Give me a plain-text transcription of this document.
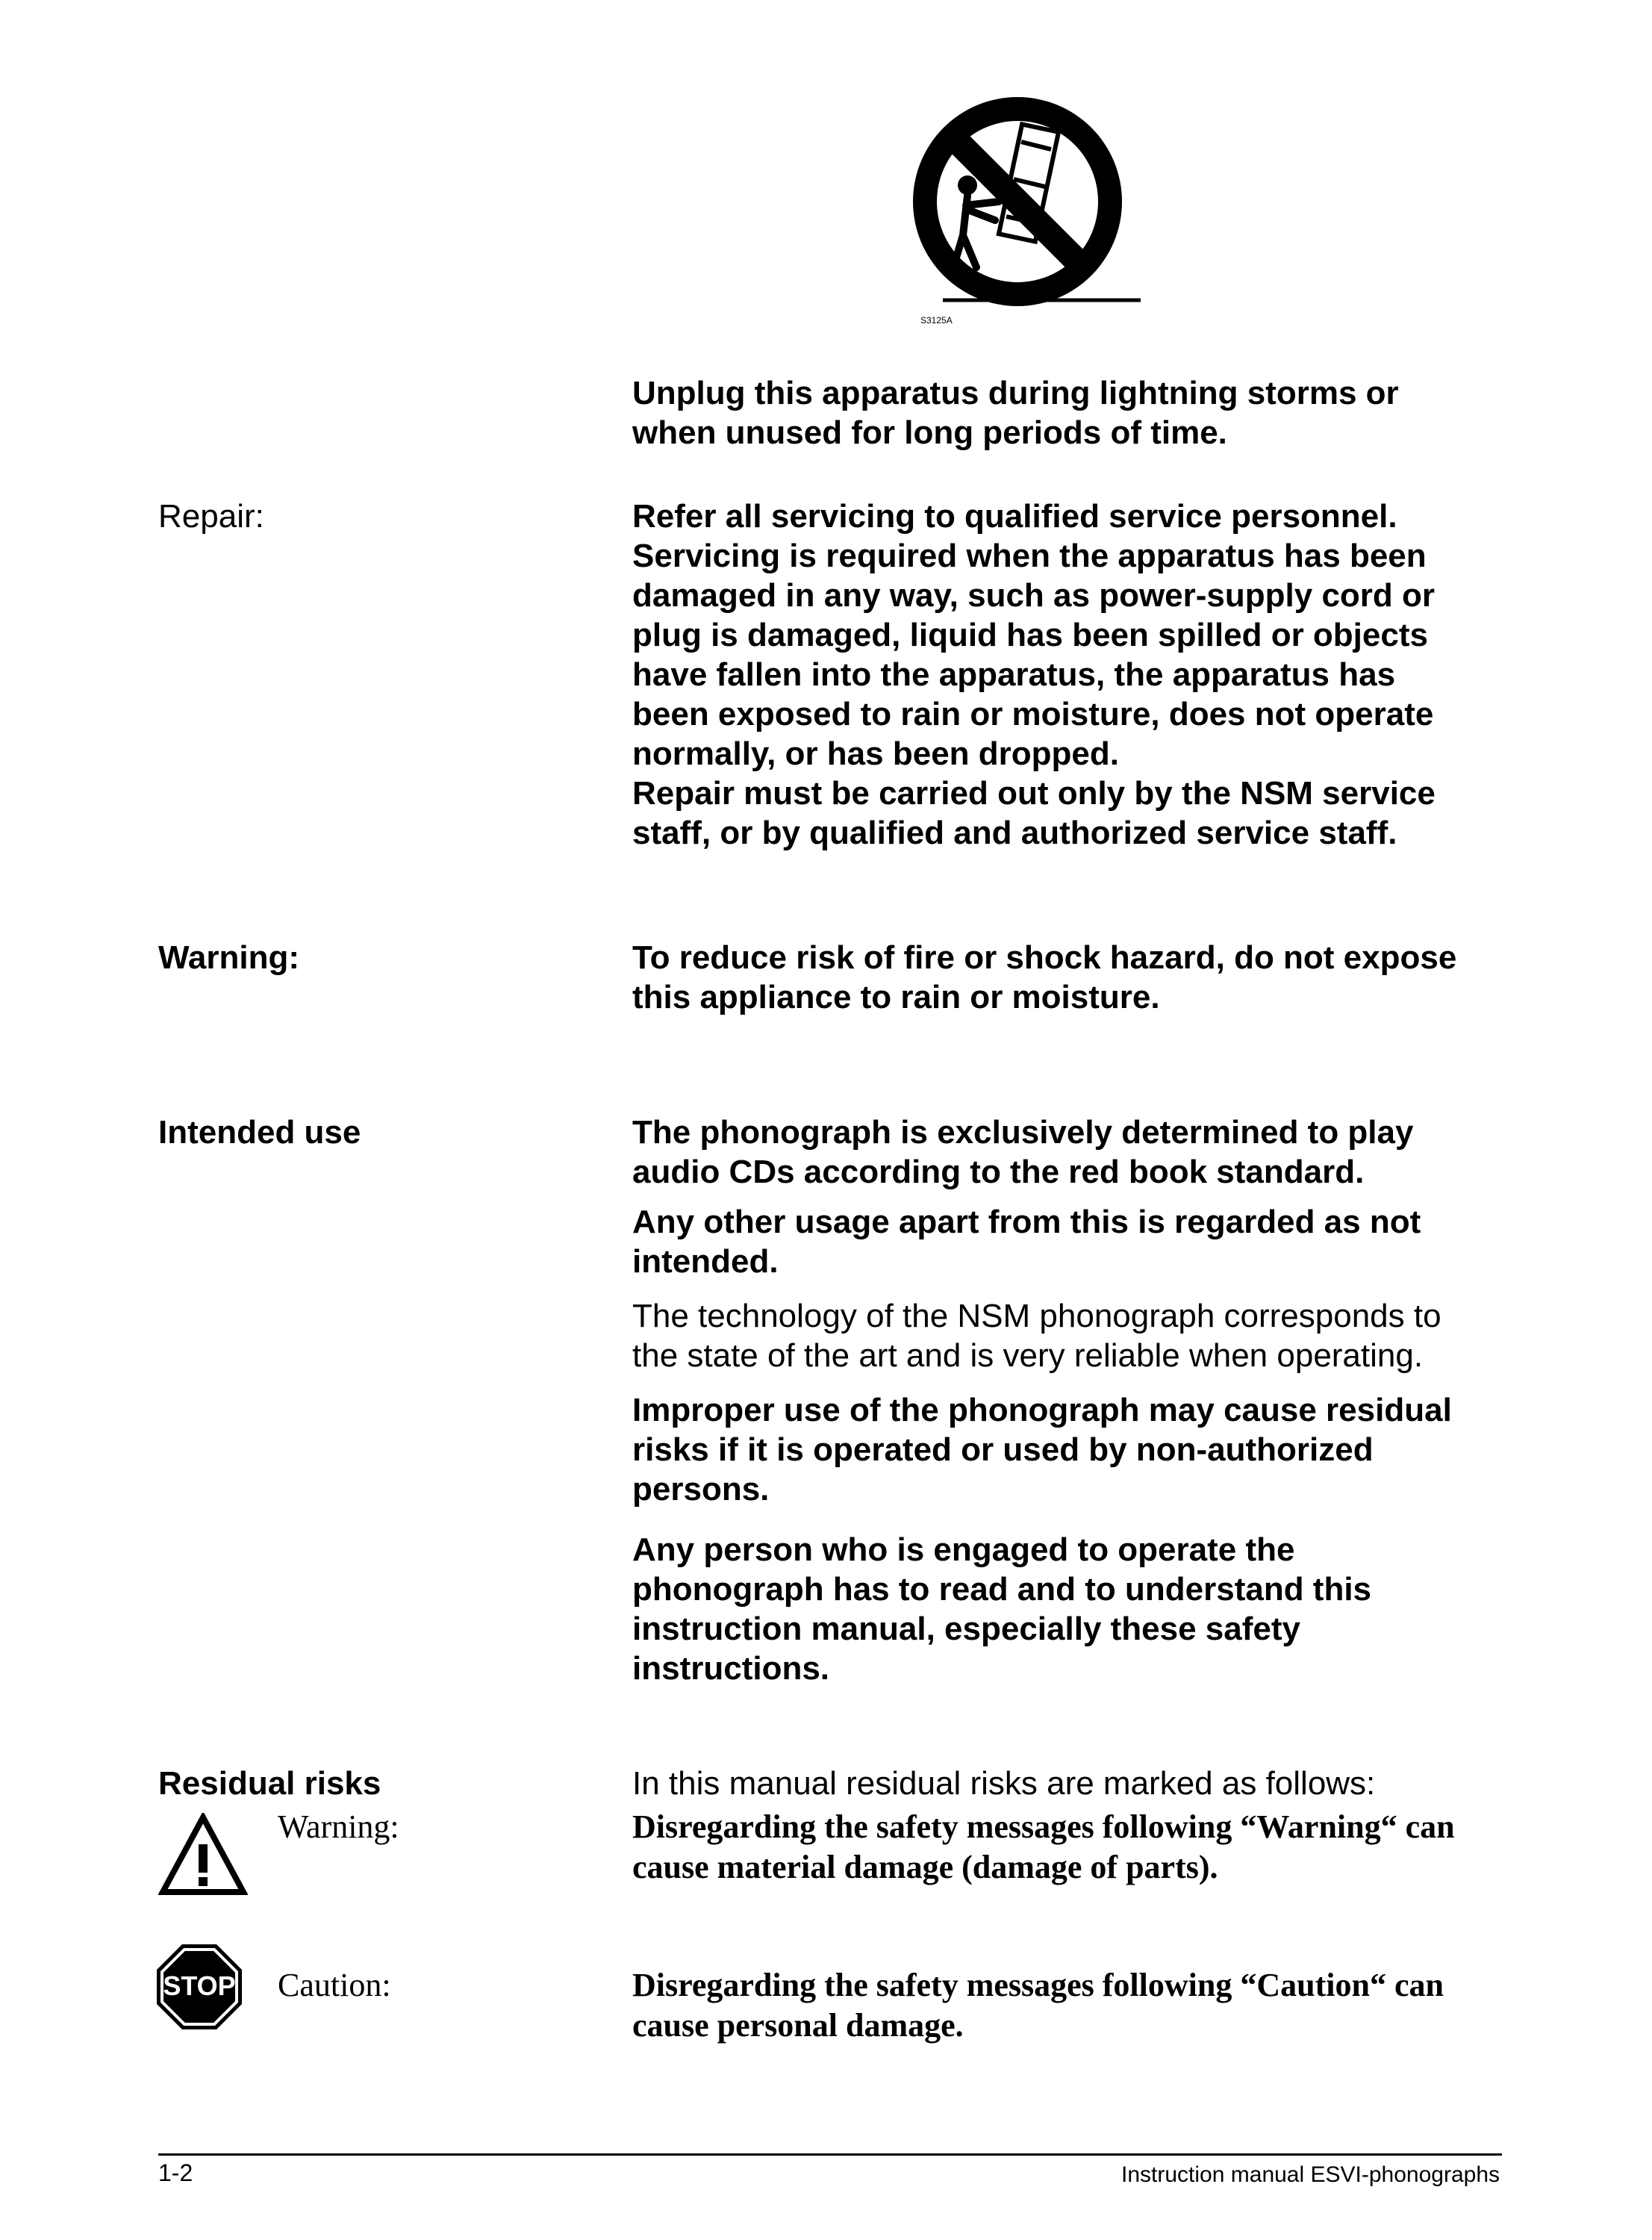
S3125A
Unplug this apparatus during lightning storms or
when unused for long periods of time.
Repair:	Refer all servicing to qualified service personnel.
Servicing is required when the apparatus has been
damaged in any way, such as power-supply cord or
plug is damaged, liquid has been spilled or objects
have fallen into the apparatus, the apparatus has
been exposed to rain or moisture, does not operate
normally, or has been dropped.
Repair must be carried out only by the NSM service
staff, or by qualified and authorized service staff.
Warning:	To reduce risk of fire or shock hazard, do not expose
this appliance to rain or moisture.
Intended use	The phonograph is exclusively determined to play
audio CDs according to the red book standard.
Any other usage apart from this is regarded as not
intended.
The technology of the NSM phonograph corresponds to
the state of the art and is very reliable when operating.
Improper use of the phonograph may cause residual
risks if it is operated or used by non-authorized
persons.
Any person who is engaged to operate the
phonograph has to read and to understand this
instruction manual, especially these safety
instructions.
Residual risks	In this manual residual risks are marked as follows:
Warning:	Disregarding the safety messages following “Warning“ can
cause material damage (damage of parts).
STOP Caution:	Disregarding the safety messages following “Caution“ can
cause personal damage.
1-2	Instruction manual ESVI-phonographs
